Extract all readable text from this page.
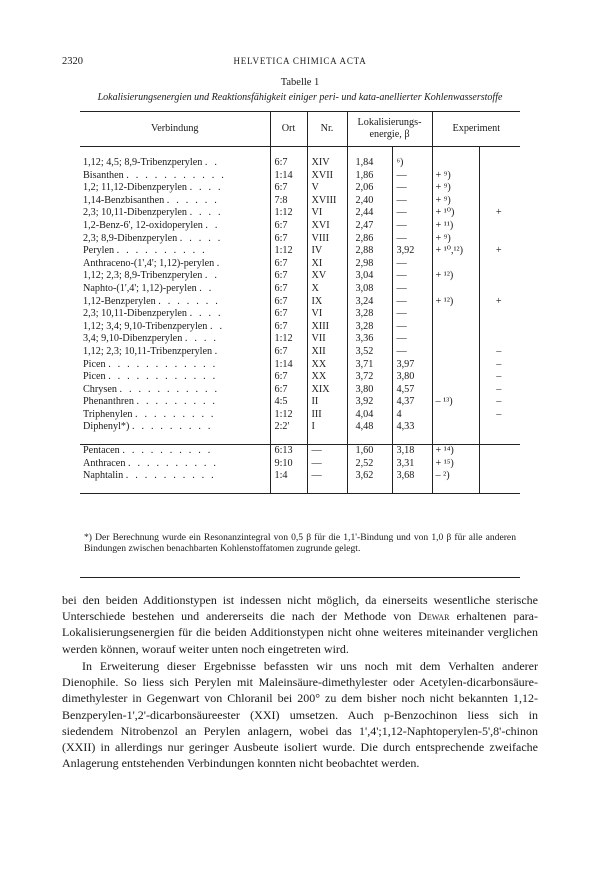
2320	HELVETICA CHIMICA ACTA
Tabelle 1
Lokalisierungsenergien und Reaktionsfähigkeit einiger peri- und kata-anellierter Kohlenwasserstoffe
Verbindung	Ort	Nr.	Lokalisierungs-
energie, β		Experiment	

1,12; 4,5; 8,9-Tribenzperylen . .	6:7	XIV	1,84	⁶)		
Bisanthen . . . . . . . . . . .	1:14	XVII	1,86	—	+ ⁹)	
1,2; 11,12-Dibenzperylen . . . .	6:7	V	2,06	—	+ ⁹)	
1,14-Benzbisanthen . . . . . .	7:8	XVIII	2,40	—	+ ⁹)	
2,3; 10,11-Dibenzperylen . . . .	1:12	VI	2,44	—	+ ¹⁰)	+
1,2-Benz-6', 12-oxidoperylen . .	6:7	XVI	2,47	—	+ ¹¹)	
2,3; 8,9-Dibenzperylen . . . . .	6:7	VIII	2,86	—	+ ⁹)	
Perylen . . . . . . . . . .	1:12	IV	2,88	3,92	+ ¹⁰,¹²)	+
Anthraceno-(1',4'; 1,12)-perylen .	6:7	XI	2,98	—		
1,12; 2,3; 8,9-Tribenzperylen . .	6:7	XV	3,04	—	+ ¹²)	
Naphto-(1',4'; 1,12)-perylen . .	6:7	X	3,08	—		
1,12-Benzperylen . . . . . . .	6:7	IX	3,24	—	+ ¹²)	+
2,3; 10,11-Dibenzperylen . . . .	6:7	VI	3,28	—		
1,12; 3,4; 9,10-Tribenzperylen . .	6:7	XIII	3,28	—		
3,4; 9,10-Dibenzperylen . . . .	1:12	VII	3,36	—		
1,12; 2,3; 10,11-Tribenzperylen .	6:7	XII	3,52	—		–
Picen . . . . . . . . . . . .	1:14	XX	3,71	3,97		–
Picen . . . . . . . . . . . .	6:7	XX	3,72	3,80		–
Chrysen . . . . . . . . . . .	6:7	XIX	3,80	4,57		–
Phenanthren . . . . . . . . .	4:5	II	3,92	4,37	– ¹³)	–
Triphenylen . . . . . . . . .	1:12	III	4,04	4		–
Diphenyl*) . . . . . . . . .	2:2'	I	4,48	4,33		

Pentacen . . . . . . . . . .	6:13	—	1,60	3,18	+ ¹⁴)	
Anthracen . . . . . . . . . .	9:10	—	2,52	3,31	+ ¹⁵)	
Naphtalin . . . . . . . . . .	1:4	—	3,62	3,68	– ²)	

*) Der Berechnung wurde ein Resonanzintegral von 0,5 β für die 1,1'-Bindung und von 1,0 β für alle anderen Bindungen zwischen benachbarten Kohlenstoffatomen zugrunde gelegt.

bei den beiden Additionstypen ist indessen nicht möglich, da einerseits wesentliche sterische Unterschiede bestehen und andererseits die nach der Methode von Dewar erhaltenen para-Lokalisierungsenergien für die beiden Additionstypen nicht ohne weiteres miteinander verglichen werden können, worauf weiter unten noch eingetreten wird.

In Erweiterung dieser Ergebnisse befassten wir uns noch mit dem Verhalten anderer Dienophile. So liess sich Perylen mit Maleinsäure-dimethylester oder Acetylen-dicarbonsäure-dimethylester in Gegenwart von Chloranil bei 200° zu dem bisher noch nicht bekannten 1,12-Benzperylen-1',2'-dicarbonsäureester (XXI) umsetzen. Auch p-Benzochinon liess sich in siedendem Nitrobenzol an Perylen anlagern, wobei das 1',4';1,12-Naphtoperylen-5',8'-chinon (XXII) in allerdings nur geringer Ausbeute isoliert wurde. Die durch entsprechende zweifache Anlagerung entstehenden Verbindungen konnten nicht beobachtet werden.
